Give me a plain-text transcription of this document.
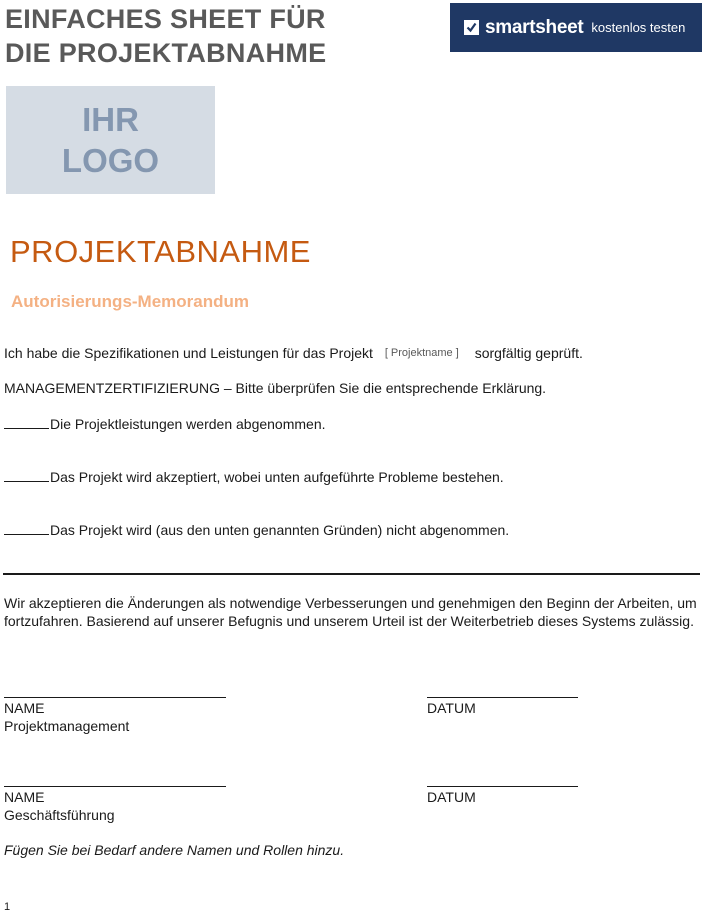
EINFACHES SHEET FÜR
DIE PROJEKTABNAHME
smartsheet kostenlos testen
IHR
LOGO
PROJEKTABNAHME
Autorisierungs-Memorandum
Ich habe die Spezifikationen und Leistungen für das Projekt [ Projektname ] sorgfältig geprüft.
MANAGEMENTZERTIFIZIERUNG – Bitte überprüfen Sie die entsprechende Erklärung.
Die Projektleistungen werden abgenommen.
Das Projekt wird akzeptiert, wobei unten aufgeführte Probleme bestehen.
Das Projekt wird (aus den unten genannten Gründen) nicht abgenommen.
Wir akzeptieren die Änderungen als notwendige Verbesserungen und genehmigen den Beginn der Arbeiten, um fortzufahren. Basierend auf unserer Befugnis und unserem Urteil ist der Weiterbetrieb dieses Systems zulässig.
NAME	DATUM
Projektmanagement
NAME	DATUM
Geschäftsführung
Fügen Sie bei Bedarf andere Namen und Rollen hinzu.
1
